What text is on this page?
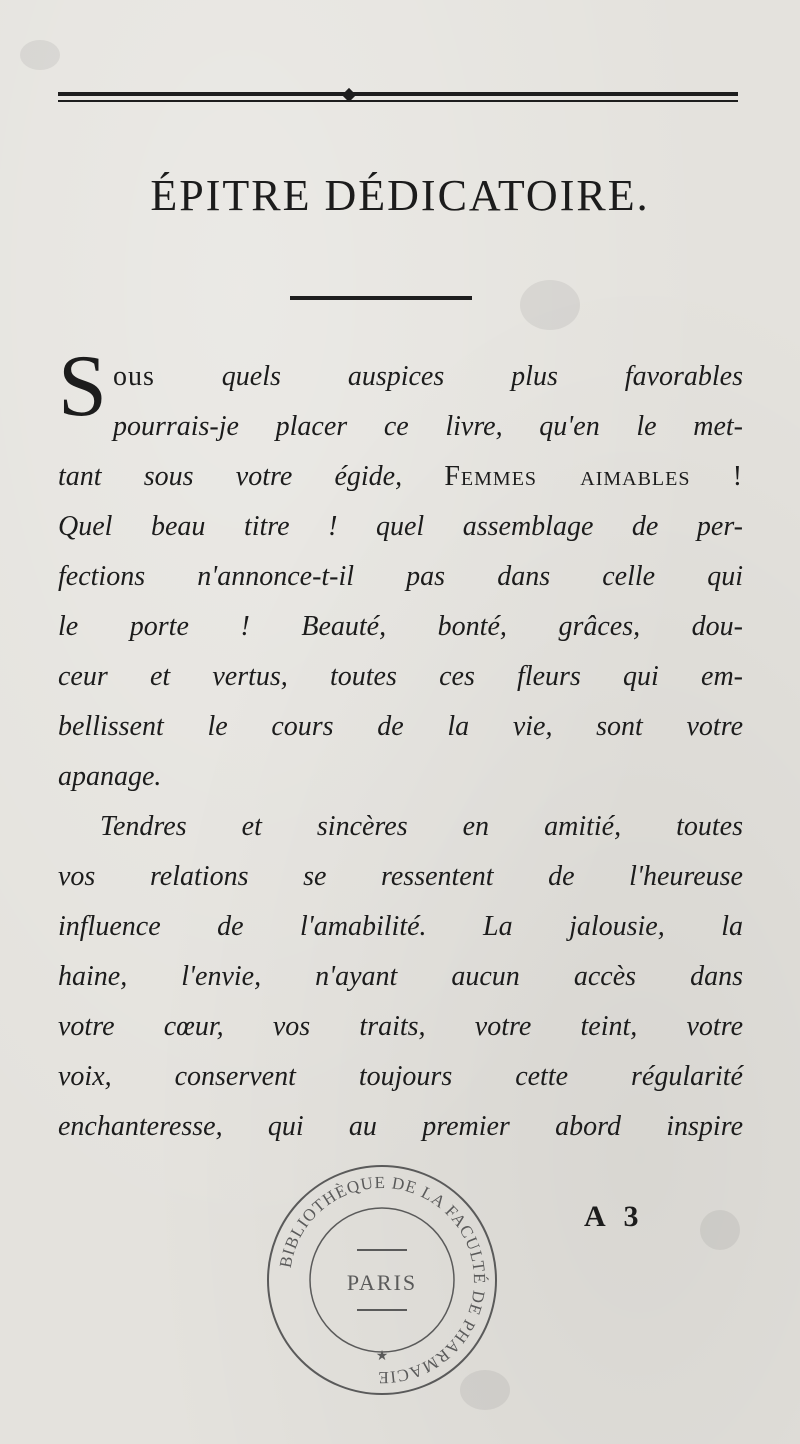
ÉPITRE DÉDICATOIRE.
S ous quels auspices plus favorables
pourrais-je placer ce livre, qu'en le met-
tant sous votre égide, Femmes aimables !
Quel beau titre ! quel assemblage de per-
fections n'annonce-t-il pas dans celle qui
le porte ! Beauté, bonté, grâces, dou-
ceur et vertus, toutes ces fleurs qui em-
bellissent le cours de la vie, sont votre
apanage.
Tendres et sincères en amitié, toutes
vos relations se ressentent de l'heureuse
influence de l'amabilité. La jalousie, la
haine, l'envie, n'ayant aucun accès dans
votre cœur, vos traits, votre teint, votre
voix, conservent toujours cette régularité
enchanteresse, qui au premier abord inspire
A 3
BIBLIOTHÈQUE DE LA FACULTÉ DE PHARMACIE
PARIS
★
